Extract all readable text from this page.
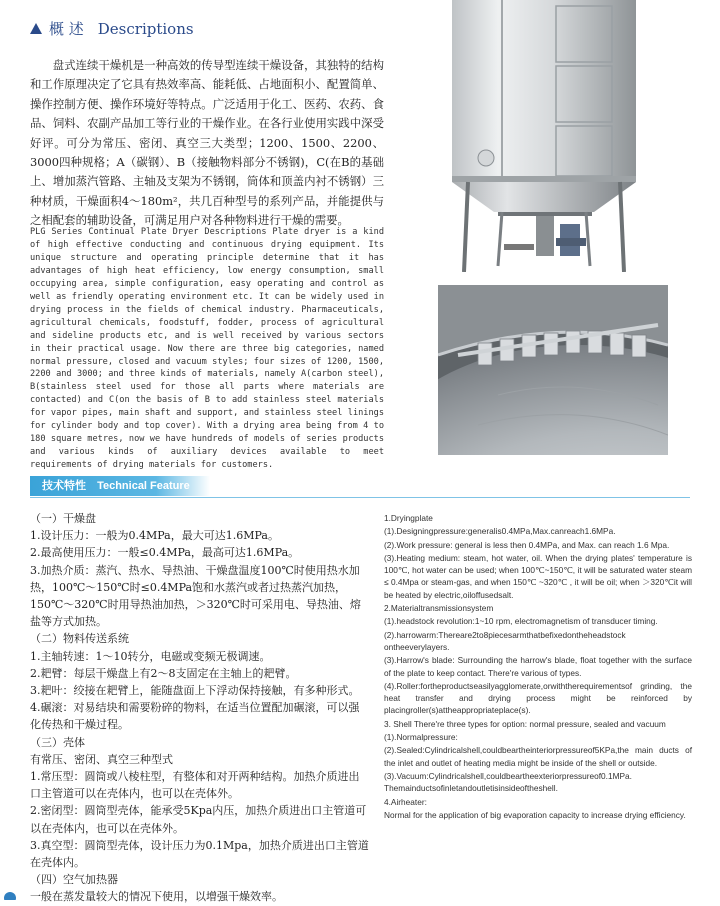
概 述 Descriptions

盘式连续干燥机是一种高效的传导型连续干燥设备，其独特的结构和工作原理决定了它具有热效率高、能耗低、占地面积小、配置简单、操作控制方便、操作环境好等特点。广泛适用于化工、医药、农药、食品、饲料、农副产品加工等行业的干燥作业。在各行业使用实践中深受好评。可分为常压、密闭、真空三大类型；1200、1500、2200、3000四种规格；A（碳钢）、B（接触物料部分不锈钢)，C(在B的基础上、增加蒸汽管路、主轴及支架为不锈钢，筒体和顶盖内衬不锈钢）三种材质，干燥面积4～180m²，共几百种型号的系列产品，并能提供与之相配套的辅助设备，可满足用户对各种物料进行干燥的需要。

PLG Series Continual Plate Dryer Descriptions Plate dryer is a kind of high effective conducting and continuous drying equipment. Its unique structure and operating principle determine that it has advantages of high heat efficiency, low energy consumption, small occupying area, simple configuration, easy operating and control as well as friendly operating environment etc. It can be widely used in drying process in the fields of chemical industry. Pharmaceuticals, agricultural chemicals, foodstuff, fodder, process of agricultural and sideline products etc, and is well received by various sectors in their practical usage. Now there are three big categories, named normal pressure, closed and vacuum styles; four sizes of 1200, 1500, 2200 and 3000; and three kinds of materials, namely A(carbon steel), B(stainless steel used for those all parts where materials are contacted) and C(on the basis of B to add stainless steel materials for vapor pipes, main shaft and support, and stainless steel linings for cylinder body and top cover). With a drying area being from 4 to 180 square metres, now we have hundreds of models of series products and various kinds of auxiliary devices available to meet requirements of drying materials for customers.

技术特性 Technical Feature
（一）干燥盘
1.设计压力：一般为0.4MPa，最大可达1.6MPa。
2.最高使用压力：一般≤0.4MPa，最高可达1.6MPa。
3.加热介质：蒸汽、热水、导热油、干燥盘温度100℃时使用热水加热，100℃～150℃时≤0.4MPa饱和水蒸汽或者过热蒸汽加热，150℃～320℃时用导热油加热，＞320℃时可采用电、导热油、熔盐等方式加热。
（二）物料传送系统
1.主轴转速：1～10转分，电磁或变频无极调速。
2.耙臂：每层干燥盘上有2～8支固定在主轴上的耙臂。
3.耙叶：绞接在耙臂上，能随盘面上下浮动保持接触，有多种形式。
4.碾滚：对易结块和需要粉碎的物料，在适当位置配加碾滚，可以强化传热和干燥过程。
（三）壳体
有常压、密闭、真空三种型式
1.常压型：圆筒或八棱柱型，有整体和对开两种结构。加热介质进出口主管道可以在壳体内，也可以在壳体外。
2.密闭型：圆筒型壳体，能承受5Kpa内压，加热介质进出口主管道可以在壳体内，也可以在壳体外。
3.真空型：圆筒型壳体，设计压力为0.1Mpa，加热介质进出口主管道在壳体内。
（四）空气加热器
一般在蒸发量较大的情况下使用，以增强干燥效率。
1.Dryingplate
(1).Designingpressure:generalis0.4MPa,Max.canreach1.6MPa.
(2).Work pressure: general is less then 0.4MPa, and Max. can reach 1.6 Mpa.
(3).Heating medium: steam, hot water, oil. When the drying plates' temperature is 100℃, hot water can be used; when 100℃~150℃, it will be saturated water steam ≤ 0.4Mpa or steam-gas, and when 150℃ ~320℃ , it will be oil; when ＞320℃it will be heated by electric,oiloffusedsalt.
2.Materialtransmissionsystem
(1).headstock revolution:1~10 rpm, electromagnetism of transducer timing.
(2).harrowarm:Thereare2to8piecesarmthatbefixedontheheadstock ontheeverylayers.
(3).Harrow's blade: Surrounding the harrow's blade, float together with the surface of the plate to keep contact. There're various of types.
(4).Roller:fortheproductseasilyagglomerate,orwiththerequirementsof grinding, the heat transfer and drying process might be reinforced by placingroller(s)attheappropriateplace(s).
3. Shell There're three types for option: normal pressure, sealed and vacuum
(1).Normalpressure:
(2).Sealed:Cylindricalshell,couldbeartheinteriorpressureof5KPa,the main ducts of the inlet and outlet of heating media might be inside of the shell or outside.
(3).Vacuum:Cylindricalshell,couldbeartheexteriorpressureof0.1MPa. Themainductsofinletandoutletisinsideoftheshell.
4.Airheater:
Normal for the application of big evaporation capacity to increase drying efficiency.
